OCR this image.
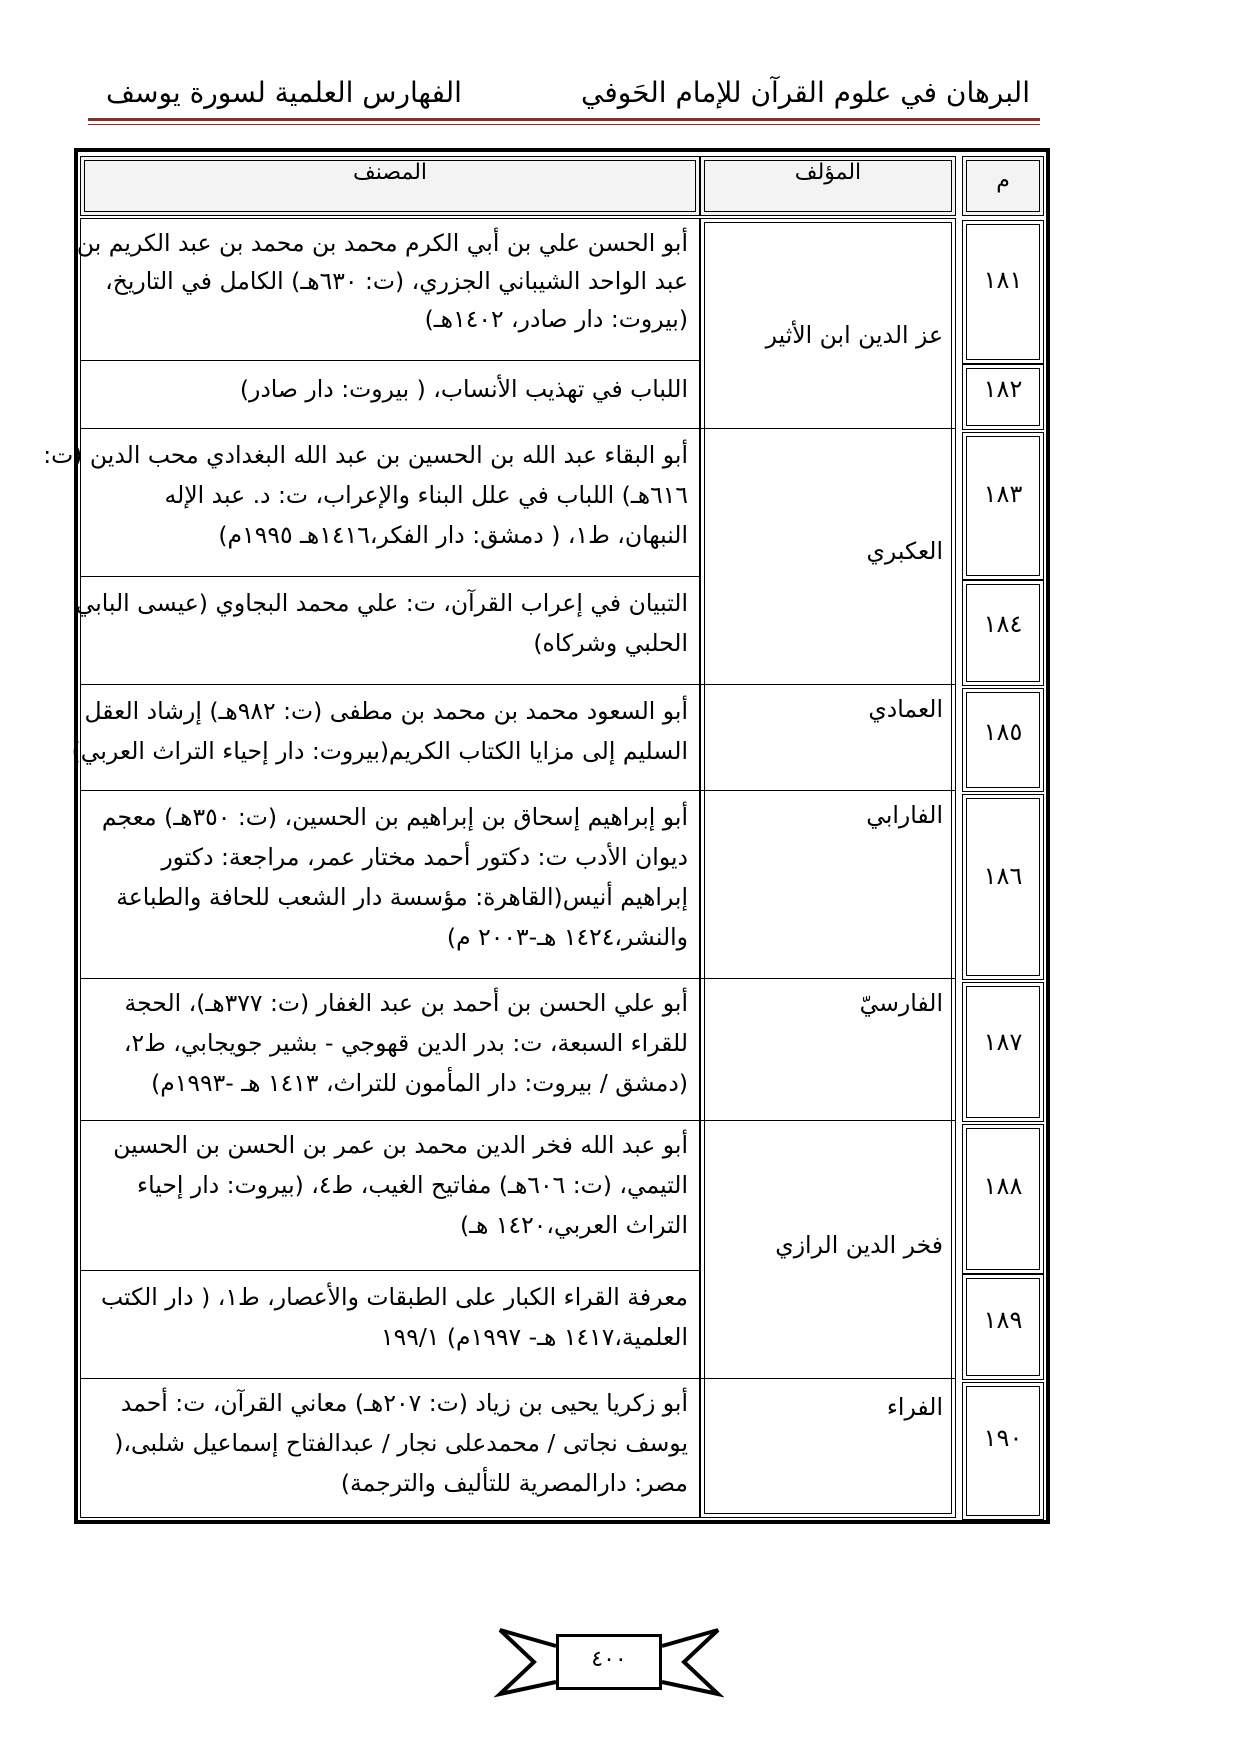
البرهان في علوم القرآن للإمام الحَوفي
الفهارس العلمية لسورة يوسف
المصنف	المؤلف	م
١٨١
١٨٢
١٨٣
١٨٤
١٨٥
١٨٦
١٨٧
١٨٨
١٨٩
١٩٠
عز الدين ابن الأثير
العكبري
العمادي
الفارابي
الفارسيّ
فخر الدين الرازي
الفراء
أبو الحسن علي بن أبي الكرم محمد بن محمد بن عبد الكريم بن
عبد الواحد الشيباني الجزري، (ت: ٦٣٠هـ) الكامل في التاريخ،
(بيروت: دار صادر، ١٤٠٢هـ)
اللباب في تهذيب الأنساب، ( بيروت: دار صادر)
أبو البقاء عبد الله بن الحسين بن عبد الله البغدادي محب الدين (ت:
٦١٦هـ) اللباب في علل البناء والإعراب، ت: د. عبد الإله
النبهان، ط١، ( دمشق: دار الفكر،١٤١٦هـ ١٩٩٥م)
التبيان في إعراب القرآن، ت: علي محمد البجاوي (عيسى البابي
الحلبي وشركاه)
أبو السعود محمد بن محمد بن مطفى (ت: ٩٨٢هـ) إرشاد العقل
السليم إلى مزايا الكتاب الكريم(بيروت: دار إحياء التراث العربي)
أبو إبراهيم إسحاق بن إبراهيم بن الحسين، (ت: ٣٥٠هـ) معجم
ديوان الأدب ت: دكتور أحمد مختار عمر، مراجعة: دكتور
إبراهيم أنيس(القاهرة: مؤسسة دار الشعب للحافة والطباعة
والنشر،١٤٢٤ هـ-٢٠٠٣ م)
أبو علي الحسن بن أحمد بن عبد الغفار (ت: ٣٧٧هـ)، الحجة
للقراء السبعة، ت: بدر الدين قهوجي - بشير جويجابي، ط٢،
(دمشق / بيروت: دار المأمون للتراث، ١٤١٣ هـ -١٩٩٣م)
أبو عبد الله فخر الدين محمد بن عمر بن الحسن بن الحسين
التيمي، (ت: ٦٠٦هـ) مفاتيح الغيب، ط٤، (بيروت: دار إحياء
التراث العربي،١٤٢٠ هـ)
معرفة القراء الكبار على الطبقات والأعصار، ط١، ( دار الكتب
العلمية،١٤١٧ هـ- ١٩٩٧م) ١٩٩/١
أبو زكريا يحيى بن زياد (ت: ٢٠٧هـ) معاني القرآن، ت: أحمد
يوسف نجاتى / محمدعلى نجار / عبدالفتاح إسماعيل شلبى،(
مصر: دارالمصرية للتأليف والترجمة)
٤٠٠
